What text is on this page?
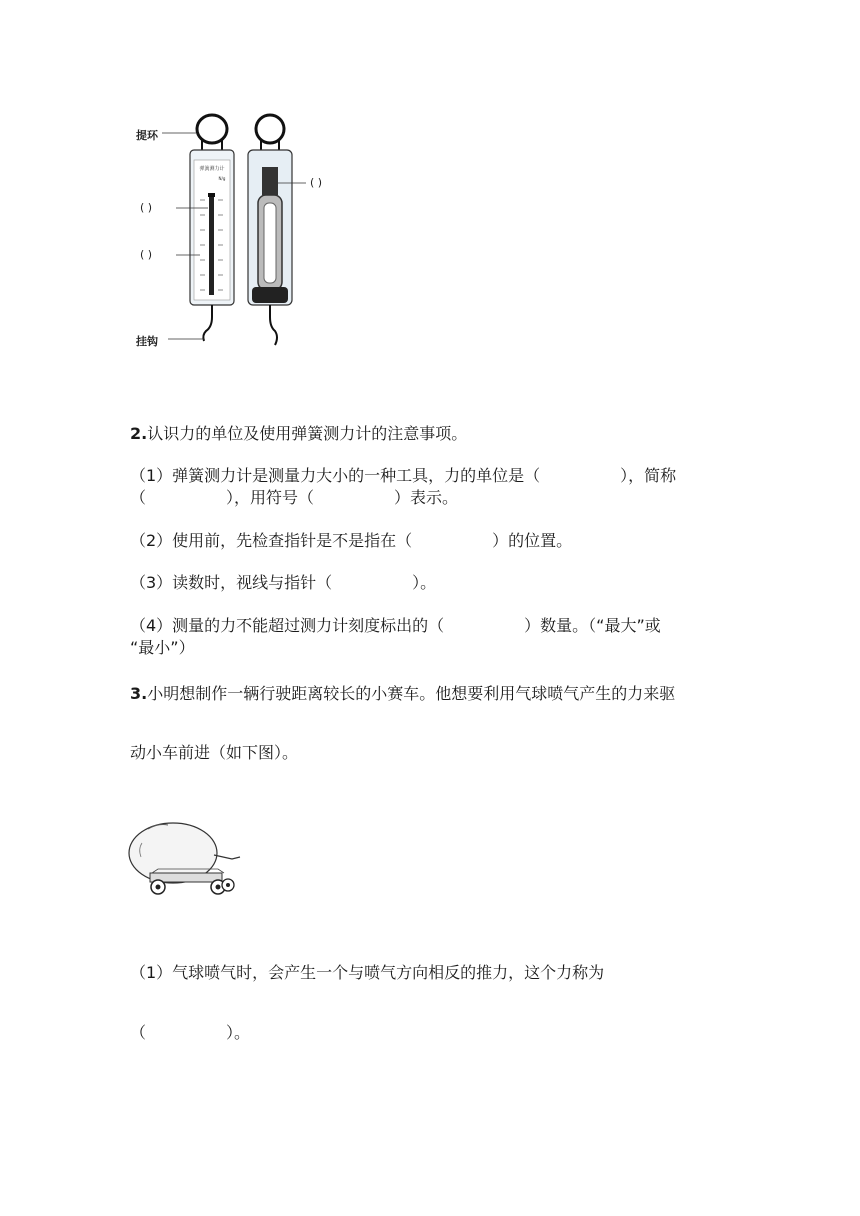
弹簧测力计
N/g
提环
( )
( )
挂钩
( )
2.认识力的单位及使用弹簧测力计的注意事项。
（1）弹簧测力计是测量力大小的一种工具，力的单位是（　　　　　），简称
（　　　　　），用符号（　　　　　）表示。
（2）使用前，先检查指针是不是指在（　　　　　）的位置。
（3）读数时，视线与指针（　　　　　）。
（4）测量的力不能超过测力计刻度标出的（　　　　　）数量。（“最大”或
“最小”）
3.小明想制作一辆行驶距离较长的小赛车。他想要利用气球喷气产生的力来驱
动小车前进（如下图）。
（1）气球喷气时，会产生一个与喷气方向相反的推力，这个力称为
（　　　　　）。
